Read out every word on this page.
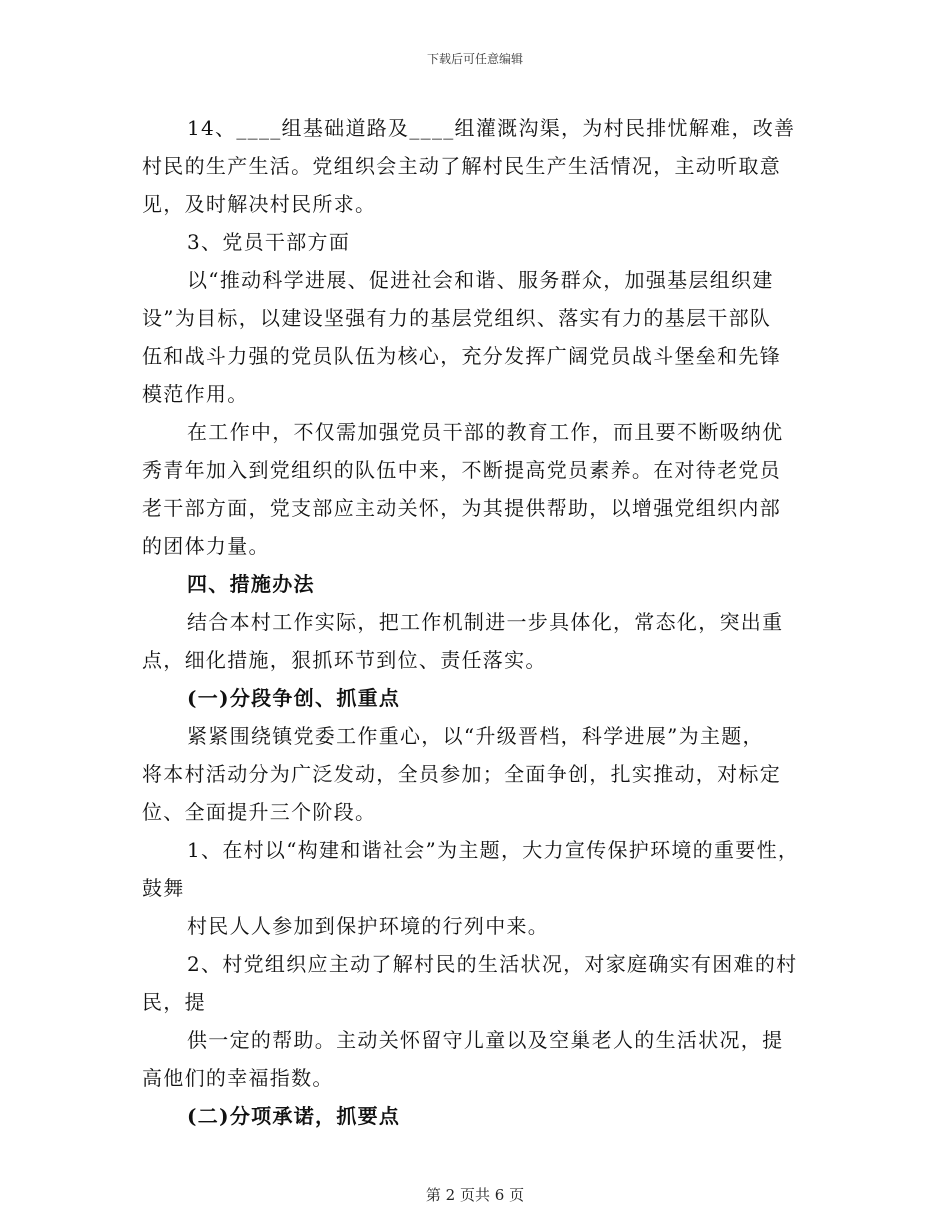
下载后可任意编辑

14、____组基础道路及____组灌溉沟渠，为村民排忧解难，改善
村民的生产生活。党组织会主动了解村民生产生活情况，主动听取意
见，及时解决村民所求。

3、党员干部方面

以“推动科学进展、促进社会和谐、服务群众，加强基层组织建
设”为目标，以建设坚强有力的基层党组织、落实有力的基层干部队
伍和战斗力强的党员队伍为核心，充分发挥广阔党员战斗堡垒和先锋
模范作用。

在工作中，不仅需加强党员干部的教育工作，而且要不断吸纳优
秀青年加入到党组织的队伍中来，不断提高党员素养。在对待老党员
老干部方面，党支部应主动关怀，为其提供帮助，以增强党组织内部
的团体力量。

四、措施办法

结合本村工作实际，把工作机制进一步具体化，常态化，突出重
点，细化措施，狠抓环节到位、责任落实。

(一)分段争创、抓重点

紧紧围绕镇党委工作重心，以“升级晋档，科学进展”为主题，
将本村活动分为广泛发动，全员参加；全面争创，扎实推动，对标定
位、全面提升三个阶段。

1、在村以“构建和谐社会”为主题，大力宣传保护环境的重要性，
鼓舞

村民人人参加到保护环境的行列中来。

2、村党组织应主动了解村民的生活状况，对家庭确实有困难的村
民，提

供一定的帮助。主动关怀留守儿童以及空巢老人的生活状况，提
高他们的幸福指数。

(二)分项承诺，抓要点

第 2 页共 6 页
